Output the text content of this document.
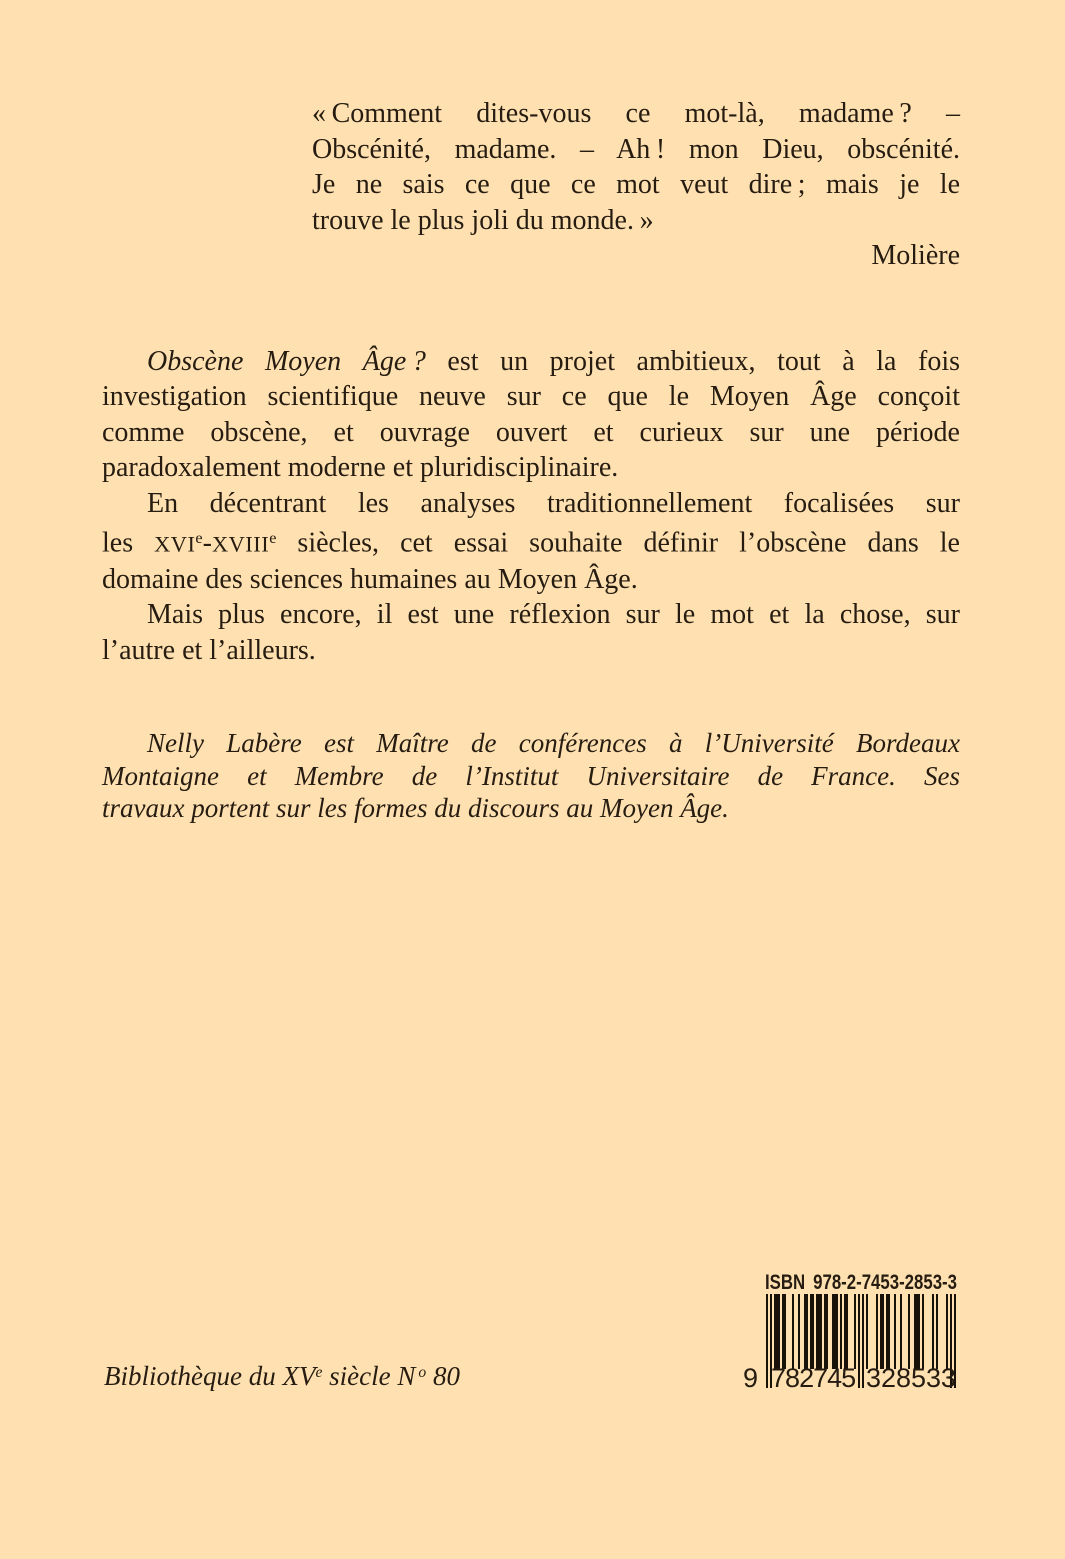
« Comment dites-vous ce mot-là, madame ? –
Obscénité, madame. – Ah ! mon Dieu, obscénité.
Je ne sais ce que ce mot veut dire ; mais je le
trouve le plus joli du monde. »
Molière
Obscène Moyen Âge ? est un projet ambitieux, tout à la fois
investigation scientifique neuve sur ce que le Moyen Âge conçoit
comme obscène, et ouvrage ouvert et curieux sur une période
paradoxalement moderne et pluridisciplinaire.
En décentrant les analyses traditionnellement focalisées sur
les XVIe-XVIIIe siècles, cet essai souhaite définir l’obscène dans le
domaine des sciences humaines au Moyen Âge.
Mais plus encore, il est une réflexion sur le mot et la chose, sur
l’autre et l’ailleurs.
Nelly Labère est Maître de conférences à l’Université Bordeaux
Montaigne et Membre de l’Institut Universitaire de France. Ses
travaux portent sur les formes du discours au Moyen Âge.
Bibliothèque du XVe siècle N $^o$ 80
ISBN 978-2-7453-2853-3
9 7 8 2 7 4 5 3 2 8 5 3 3
